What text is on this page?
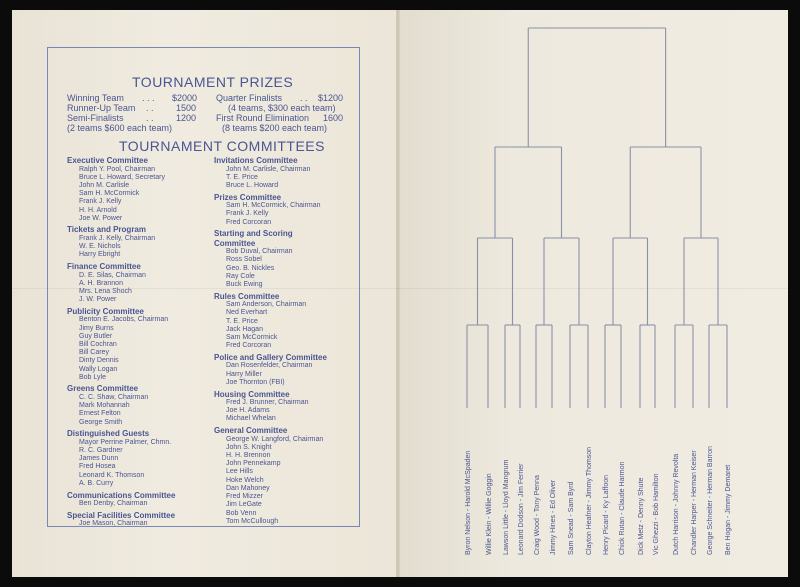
TOURNAMENT PRIZES
Winning Team . . . $2000
Runner-Up Team . . 1500
Semi-Finalists . . 1200
(2 teams $600 each team)
Quarter Finalists . . $1200
(4 teams, $300 each team)
First Round Elimination 1600
(8 teams $200 each team)
TOURNAMENT COMMITTEES
Executive Committee
Ralph Y. Pool, Chairman
Bruce L. Howard, Secretary
John M. Carlisle
Sam H. McCormick
Frank J. Kelly
H. H. Arnold
Joe W. Power
Tickets and Program
Frank J. Kelly, Chairman
W. E. Nichols
Harry Ebright
Finance Committee
D. E. Silas, Chairman
A. H. Brannon
Mrs. Lena Shoch
J. W. Power
Publicity Committee
Benton E. Jacobs, Chairman
Jimy Burns
Guy Butler
Bill Cochran
Bill Carey
Dinty Dennis
Wally Logan
Bob Lyle
Greens Committee
C. C. Shaw, Chairman
Mark Mohannah
Ernest Felton
George Smith
Distinguished Guests
Mayor Perrine Palmer, Chmn.
R. C. Gardner
James Dunn
Fred Hosea
Leonard K. Thomson
A. B. Curry
Communications Committee
Ben Denby, Chairman
Special Facilities Committee
Joe Mason, Chairman
Invitations Committee
John M. Carlisle, Chairman
T. E. Price
Bruce L. Howard
Prizes Committee
Sam H. McCormick, Chairman
Frank J. Kelly
Fred Corcoran
Starting and Scoring Committee
Bob Duval, Chairman
Ross Sobel
Geo. B. Nickles
Ray Cole
Buck Ewing
Rules Committee
Sam Anderson, Chairman
Ned Everhart
T. E. Price
Jack Hagan
Sam McCormick
Fred Corcoran
Police and Gallery Committee
Dan Rosenfelder, Chairman
Harry Miller
Joe Thornton (FBI)
Housing Committee
Fred J. Brunner, Chairman
Joe H. Adams
Michael Whelan
General Committee
George W. Langford, Chairman
John S. Knight
H. H. Brennon
John Pennekamp
Lee Hills
Hoke Welch
Dan Mahoney
Fred Mizzer
Jim LeGate
Bob Venn
Tom McCullough	Byron Nelson - Harold McSpaden Willie Klein - Willie Goggin Lawson Little - Lloyd Mangrum Leonard Dodson - Jim Ferrier Craig Wood - Tony Penna Jimmy Hines - Ed Oliver Sam Snead - Sam Byrd Clayton Heafner - Jimmy Thomson Henry Picard - Ky Laffoon Chick Rutan - Claude Harmon Dick Metz - Denny Shute Vic Ghezzi - Bob Hamilton Dutch Harrison - Johnny Revolta Chandler Harper - Herman Keiser George Schneiter - Herman Barron Ben Hogan - Jimmy Demaret
